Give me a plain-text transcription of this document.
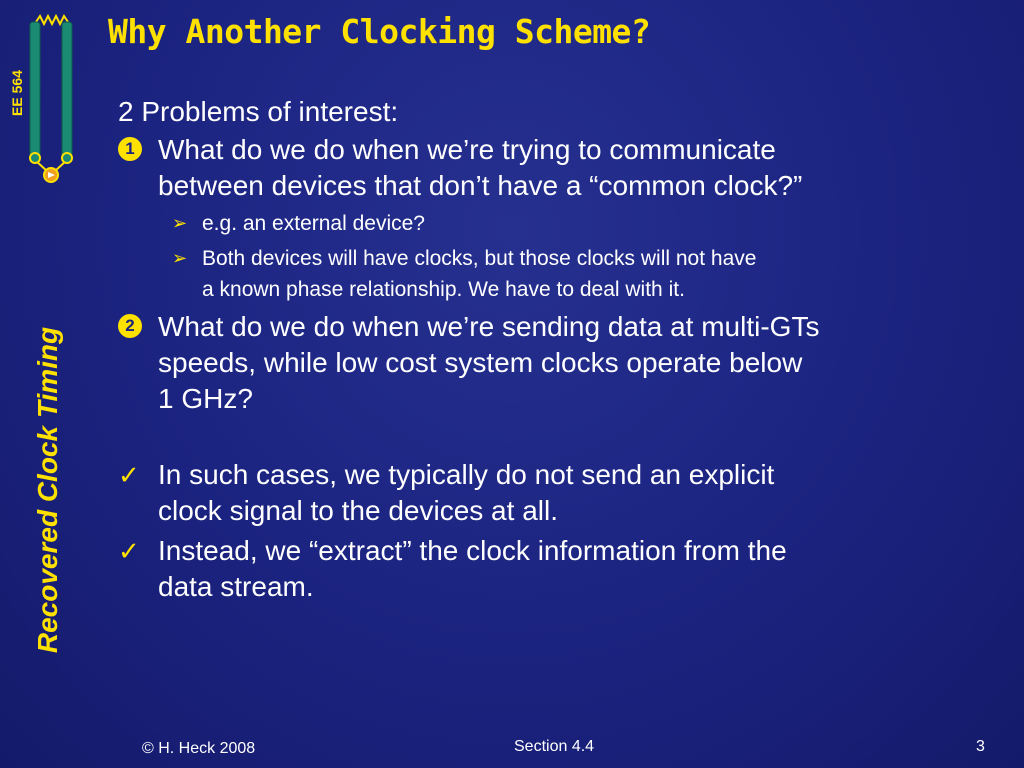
EE 564
Recovered Clock Timing
Why Another Clocking Scheme?
2 Problems of interest:
1 What do we do when we’re trying to communicate
between devices that don’t have a “common clock?”
➢ e.g. an external device?
➢ Both devices will have clocks, but those clocks will not have
a known phase relationship. We have to deal with it.
2 What do we do when we’re sending data at multi-GTs
speeds, while low cost system clocks operate below
1 GHz?
✓ In such cases, we typically do not send an explicit
clock signal to the devices at all.
✓ Instead, we “extract” the clock information from the
data stream.
© H. Heck 2008	Section 4.4	3
